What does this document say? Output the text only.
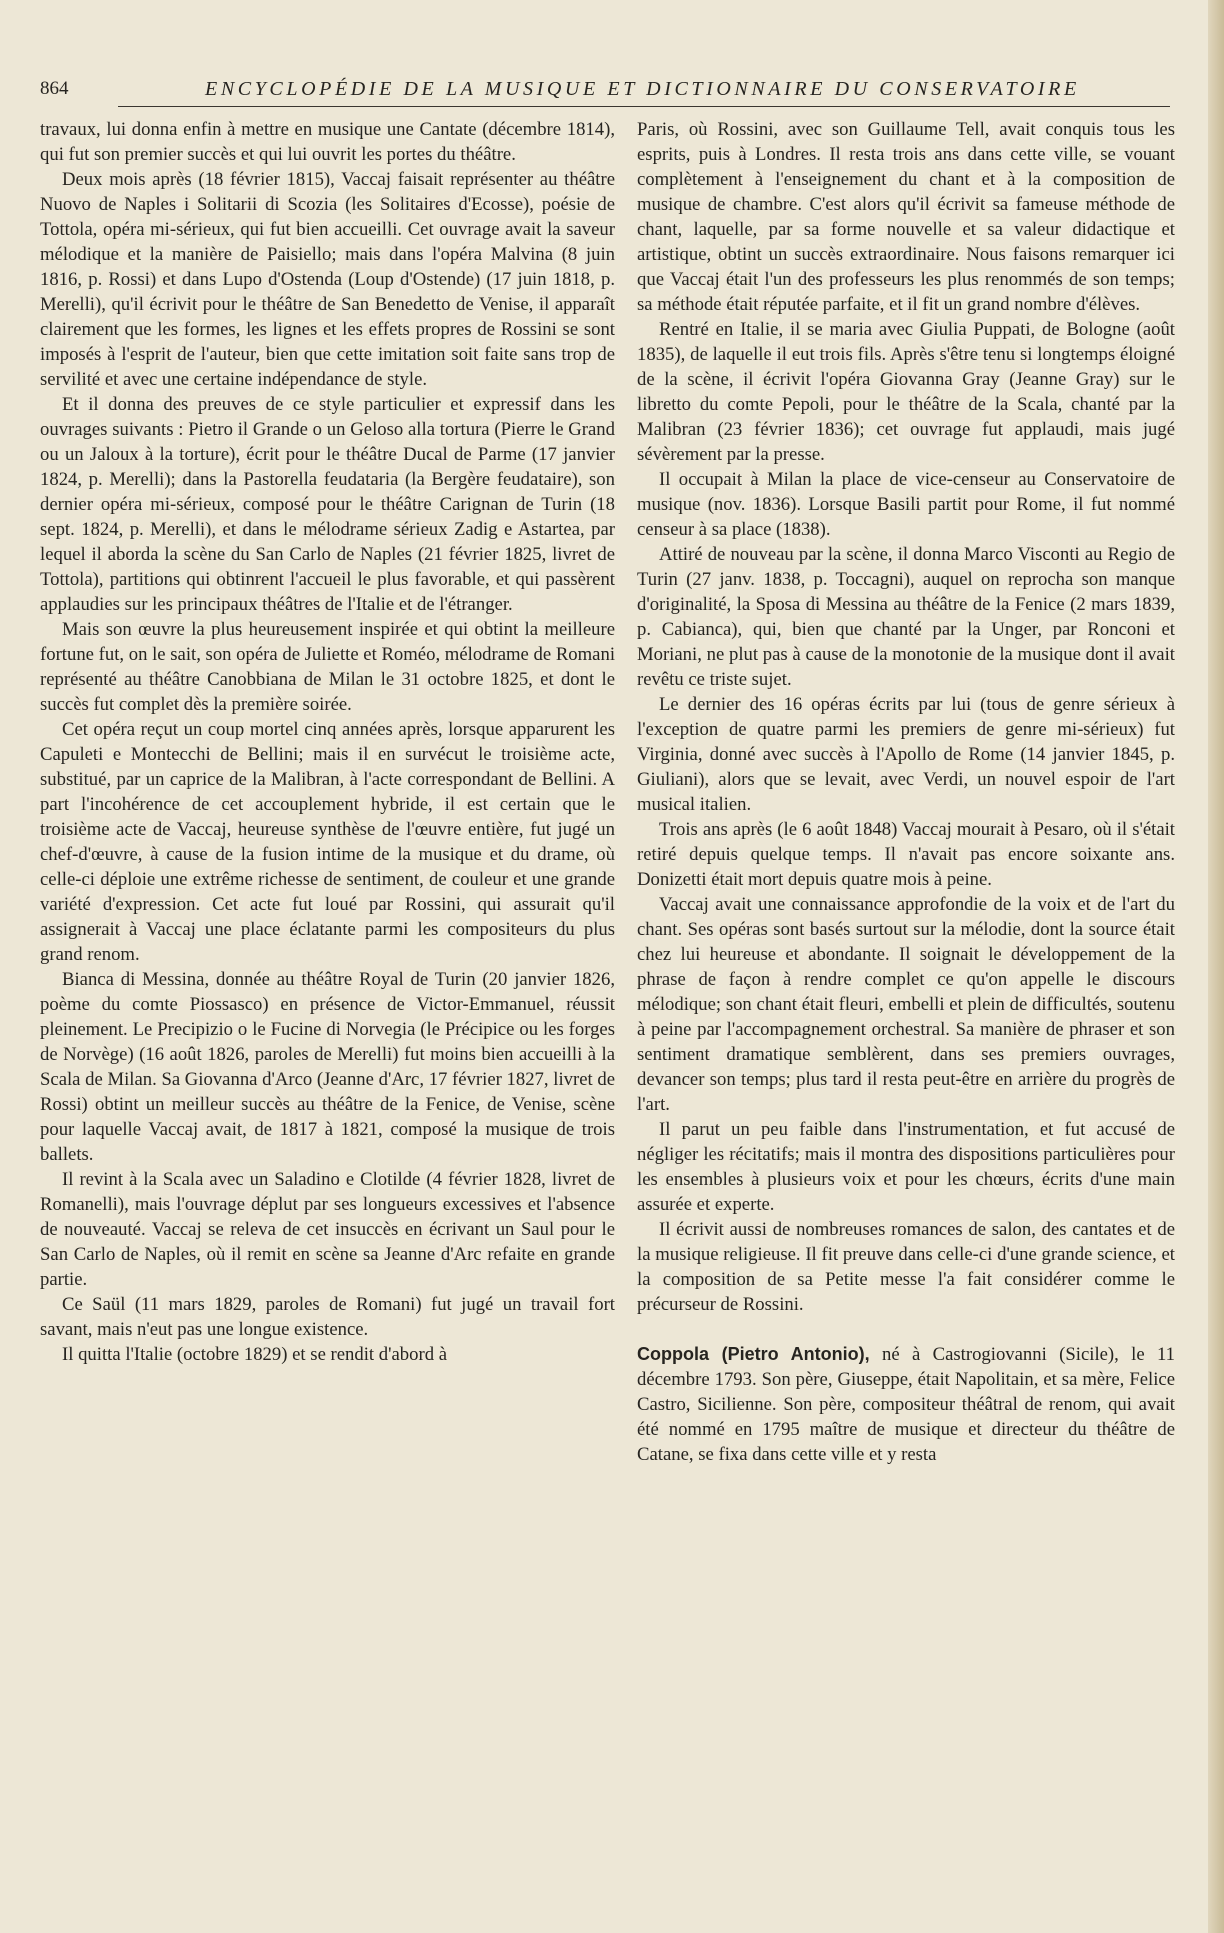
864	ENCYCLOPÉDIE DE LA MUSIQUE ET DICTIONNAIRE DU CONSERVATOIRE

travaux, lui donna enfin à mettre en musique une Cantate (décembre 1814), qui fut son premier succès et qui lui ouvrit les portes du théâtre.

Deux mois après (18 février 1815), Vaccaj faisait représenter au théâtre Nuovo de Naples i Solitarii di Scozia (les Solitaires d'Ecosse), poésie de Tottola, opéra mi-sérieux, qui fut bien accueilli. Cet ouvrage avait la saveur mélodique et la manière de Paisiello; mais dans l'opéra Malvina (8 juin 1816, p. Rossi) et dans Lupo d'Ostenda (Loup d'Ostende) (17 juin 1818, p. Merelli), qu'il écrivit pour le théâtre de San Benedetto de Venise, il apparaît clairement que les formes, les lignes et les effets propres de Rossini se sont imposés à l'esprit de l'auteur, bien que cette imitation soit faite sans trop de servilité et avec une certaine indépendance de style.

Et il donna des preuves de ce style particulier et expressif dans les ouvrages suivants : Pietro il Grande o un Geloso alla tortura (Pierre le Grand ou un Jaloux à la torture), écrit pour le théâtre Ducal de Parme (17 janvier 1824, p. Merelli); dans la Pastorella feudataria (la Bergère feudataire), son dernier opéra mi-sérieux, composé pour le théâtre Carignan de Turin (18 sept. 1824, p. Merelli), et dans le mélodrame sérieux Zadig e Astartea, par lequel il aborda la scène du San Carlo de Naples (21 février 1825, livret de Tottola), partitions qui obtinrent l'accueil le plus favorable, et qui passèrent applaudies sur les principaux théâtres de l'Italie et de l'étranger.

Mais son œuvre la plus heureusement inspirée et qui obtint la meilleure fortune fut, on le sait, son opéra de Juliette et Roméo, mélodrame de Romani représenté au théâtre Canobbiana de Milan le 31 octobre 1825, et dont le succès fut complet dès la première soirée.

Cet opéra reçut un coup mortel cinq années après, lorsque apparurent les Capuleti e Montecchi de Bellini; mais il en survécut le troisième acte, substitué, par un caprice de la Malibran, à l'acte correspondant de Bellini. A part l'incohérence de cet accouplement hybride, il est certain que le troisième acte de Vaccaj, heureuse synthèse de l'œuvre entière, fut jugé un chef-d'œuvre, à cause de la fusion intime de la musique et du drame, où celle-ci déploie une extrême richesse de sentiment, de couleur et une grande variété d'expression. Cet acte fut loué par Rossini, qui assurait qu'il assignerait à Vaccaj une place éclatante parmi les compositeurs du plus grand renom.

Bianca di Messina, donnée au théâtre Royal de Turin (20 janvier 1826, poème du comte Piossasco) en présence de Victor-Emmanuel, réussit pleinement. Le Precipizio o le Fucine di Norvegia (le Précipice ou les forges de Norvège) (16 août 1826, paroles de Merelli) fut moins bien accueilli à la Scala de Milan. Sa Giovanna d'Arco (Jeanne d'Arc, 17 février 1827, livret de Rossi) obtint un meilleur succès au théâtre de la Fenice, de Venise, scène pour laquelle Vaccaj avait, de 1817 à 1821, composé la musique de trois ballets.

Il revint à la Scala avec un Saladino e Clotilde (4 février 1828, livret de Romanelli), mais l'ouvrage déplut par ses longueurs excessives et l'absence de nouveauté. Vaccaj se releva de cet insuccès en écrivant un Saul pour le San Carlo de Naples, où il remit en scène sa Jeanne d'Arc refaite en grande partie.

Ce Saül (11 mars 1829, paroles de Romani) fut jugé un travail fort savant, mais n'eut pas une longue existence.

Il quitta l'Italie (octobre 1829) et se rendit d'abord à

Paris, où Rossini, avec son Guillaume Tell, avait conquis tous les esprits, puis à Londres. Il resta trois ans dans cette ville, se vouant complètement à l'enseignement du chant et à la composition de musique de chambre. C'est alors qu'il écrivit sa fameuse méthode de chant, laquelle, par sa forme nouvelle et sa valeur didactique et artistique, obtint un succès extraordinaire. Nous faisons remarquer ici que Vaccaj était l'un des professeurs les plus renommés de son temps; sa méthode était réputée parfaite, et il fit un grand nombre d'élèves.

Rentré en Italie, il se maria avec Giulia Puppati, de Bologne (août 1835), de laquelle il eut trois fils. Après s'être tenu si longtemps éloigné de la scène, il écrivit l'opéra Giovanna Gray (Jeanne Gray) sur le libretto du comte Pepoli, pour le théâtre de la Scala, chanté par la Malibran (23 février 1836); cet ouvrage fut applaudi, mais jugé sévèrement par la presse.

Il occupait à Milan la place de vice-censeur au Conservatoire de musique (nov. 1836). Lorsque Basili partit pour Rome, il fut nommé censeur à sa place (1838).

Attiré de nouveau par la scène, il donna Marco Visconti au Regio de Turin (27 janv. 1838, p. Toccagni), auquel on reprocha son manque d'originalité, la Sposa di Messina au théâtre de la Fenice (2 mars 1839, p. Cabianca), qui, bien que chanté par la Unger, par Ronconi et Moriani, ne plut pas à cause de la monotonie de la musique dont il avait revêtu ce triste sujet.

Le dernier des 16 opéras écrits par lui (tous de genre sérieux à l'exception de quatre parmi les premiers de genre mi-sérieux) fut Virginia, donné avec succès à l'Apollo de Rome (14 janvier 1845, p. Giuliani), alors que se levait, avec Verdi, un nouvel espoir de l'art musical italien.

Trois ans après (le 6 août 1848) Vaccaj mourait à Pesaro, où il s'était retiré depuis quelque temps. Il n'avait pas encore soixante ans. Donizetti était mort depuis quatre mois à peine.

Vaccaj avait une connaissance approfondie de la voix et de l'art du chant. Ses opéras sont basés surtout sur la mélodie, dont la source était chez lui heureuse et abondante. Il soignait le développement de la phrase de façon à rendre complet ce qu'on appelle le discours mélodique; son chant était fleuri, embelli et plein de difficultés, soutenu à peine par l'accompagnement orchestral. Sa manière de phraser et son sentiment dramatique semblèrent, dans ses premiers ouvrages, devancer son temps; plus tard il resta peut-être en arrière du progrès de l'art.

Il parut un peu faible dans l'instrumentation, et fut accusé de négliger les récitatifs; mais il montra des dispositions particulières pour les ensembles à plusieurs voix et pour les chœurs, écrits d'une main assurée et experte.

Il écrivit aussi de nombreuses romances de salon, des cantates et de la musique religieuse. Il fit preuve dans celle-ci d'une grande science, et la composition de sa Petite messe l'a fait considérer comme le précurseur de Rossini.

Coppola (Pietro Antonio), né à Castrogiovanni (Sicile), le 11 décembre 1793. Son père, Giuseppe, était Napolitain, et sa mère, Felice Castro, Sicilienne. Son père, compositeur théâtral de renom, qui avait été nommé en 1795 maître de musique et directeur du théâtre de Catane, se fixa dans cette ville et y resta
